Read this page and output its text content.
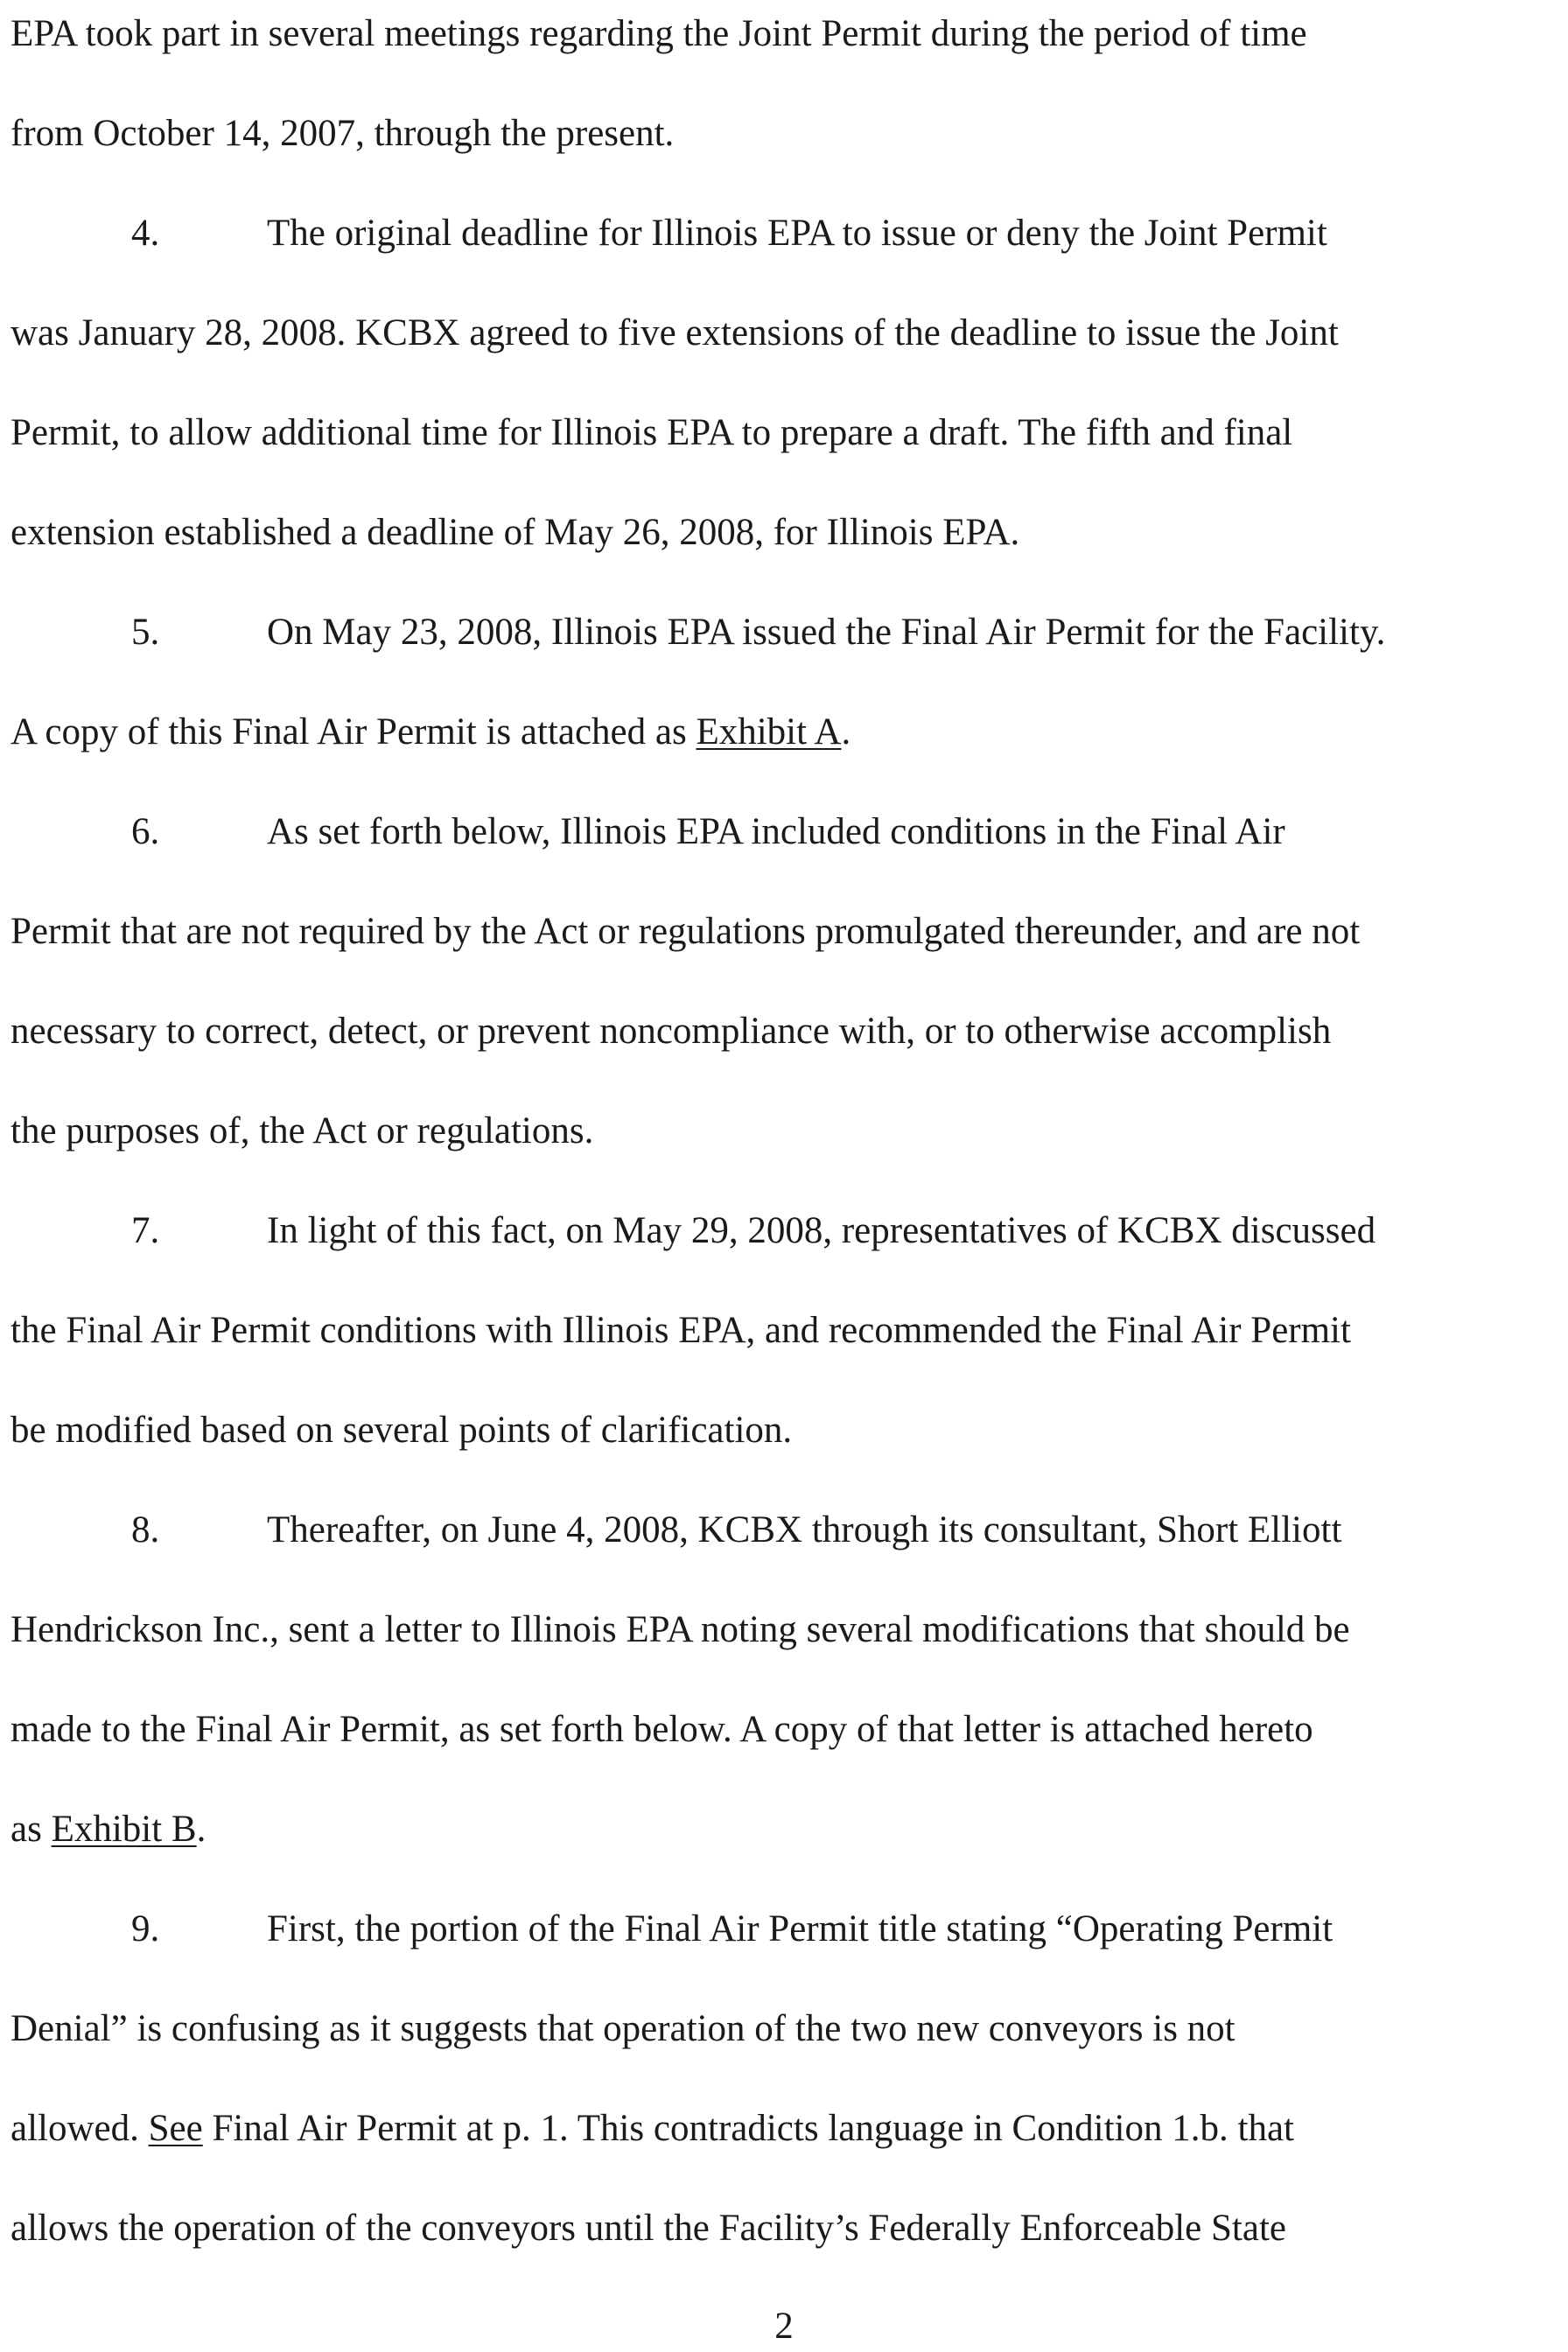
EPA took part in several meetings regarding the Joint Permit during the period of time
from October 14, 2007, through the present.
4.	The original deadline for Illinois EPA to issue or deny the Joint Permit
was January 28, 2008. KCBX agreed to five extensions of the deadline to issue the Joint
Permit, to allow additional time for Illinois EPA to prepare a draft. The fifth and final
extension established a deadline of May 26, 2008, for Illinois EPA.
5.	On May 23, 2008, Illinois EPA issued the Final Air Permit for the Facility.
A copy of this Final Air Permit is attached as Exhibit A.
6.	As set forth below, Illinois EPA included conditions in the Final Air
Permit that are not required by the Act or regulations promulgated thereunder, and are not
necessary to correct, detect, or prevent noncompliance with, or to otherwise accomplish
the purposes of, the Act or regulations.
7.	In light of this fact, on May 29, 2008, representatives of KCBX discussed
the Final Air Permit conditions with Illinois EPA, and recommended the Final Air Permit
be modified based on several points of clarification.
8.	Thereafter, on June 4, 2008, KCBX through its consultant, Short Elliott
Hendrickson Inc., sent a letter to Illinois EPA noting several modifications that should be
made to the Final Air Permit, as set forth below. A copy of that letter is attached hereto
as Exhibit B.
9.	First, the portion of the Final Air Permit title stating “Operating Permit
Denial” is confusing as it suggests that operation of the two new conveyors is not
allowed. See Final Air Permit at p. 1. This contradicts language in Condition 1.b. that
allows the operation of the conveyors until the Facility’s Federally Enforceable State
2
